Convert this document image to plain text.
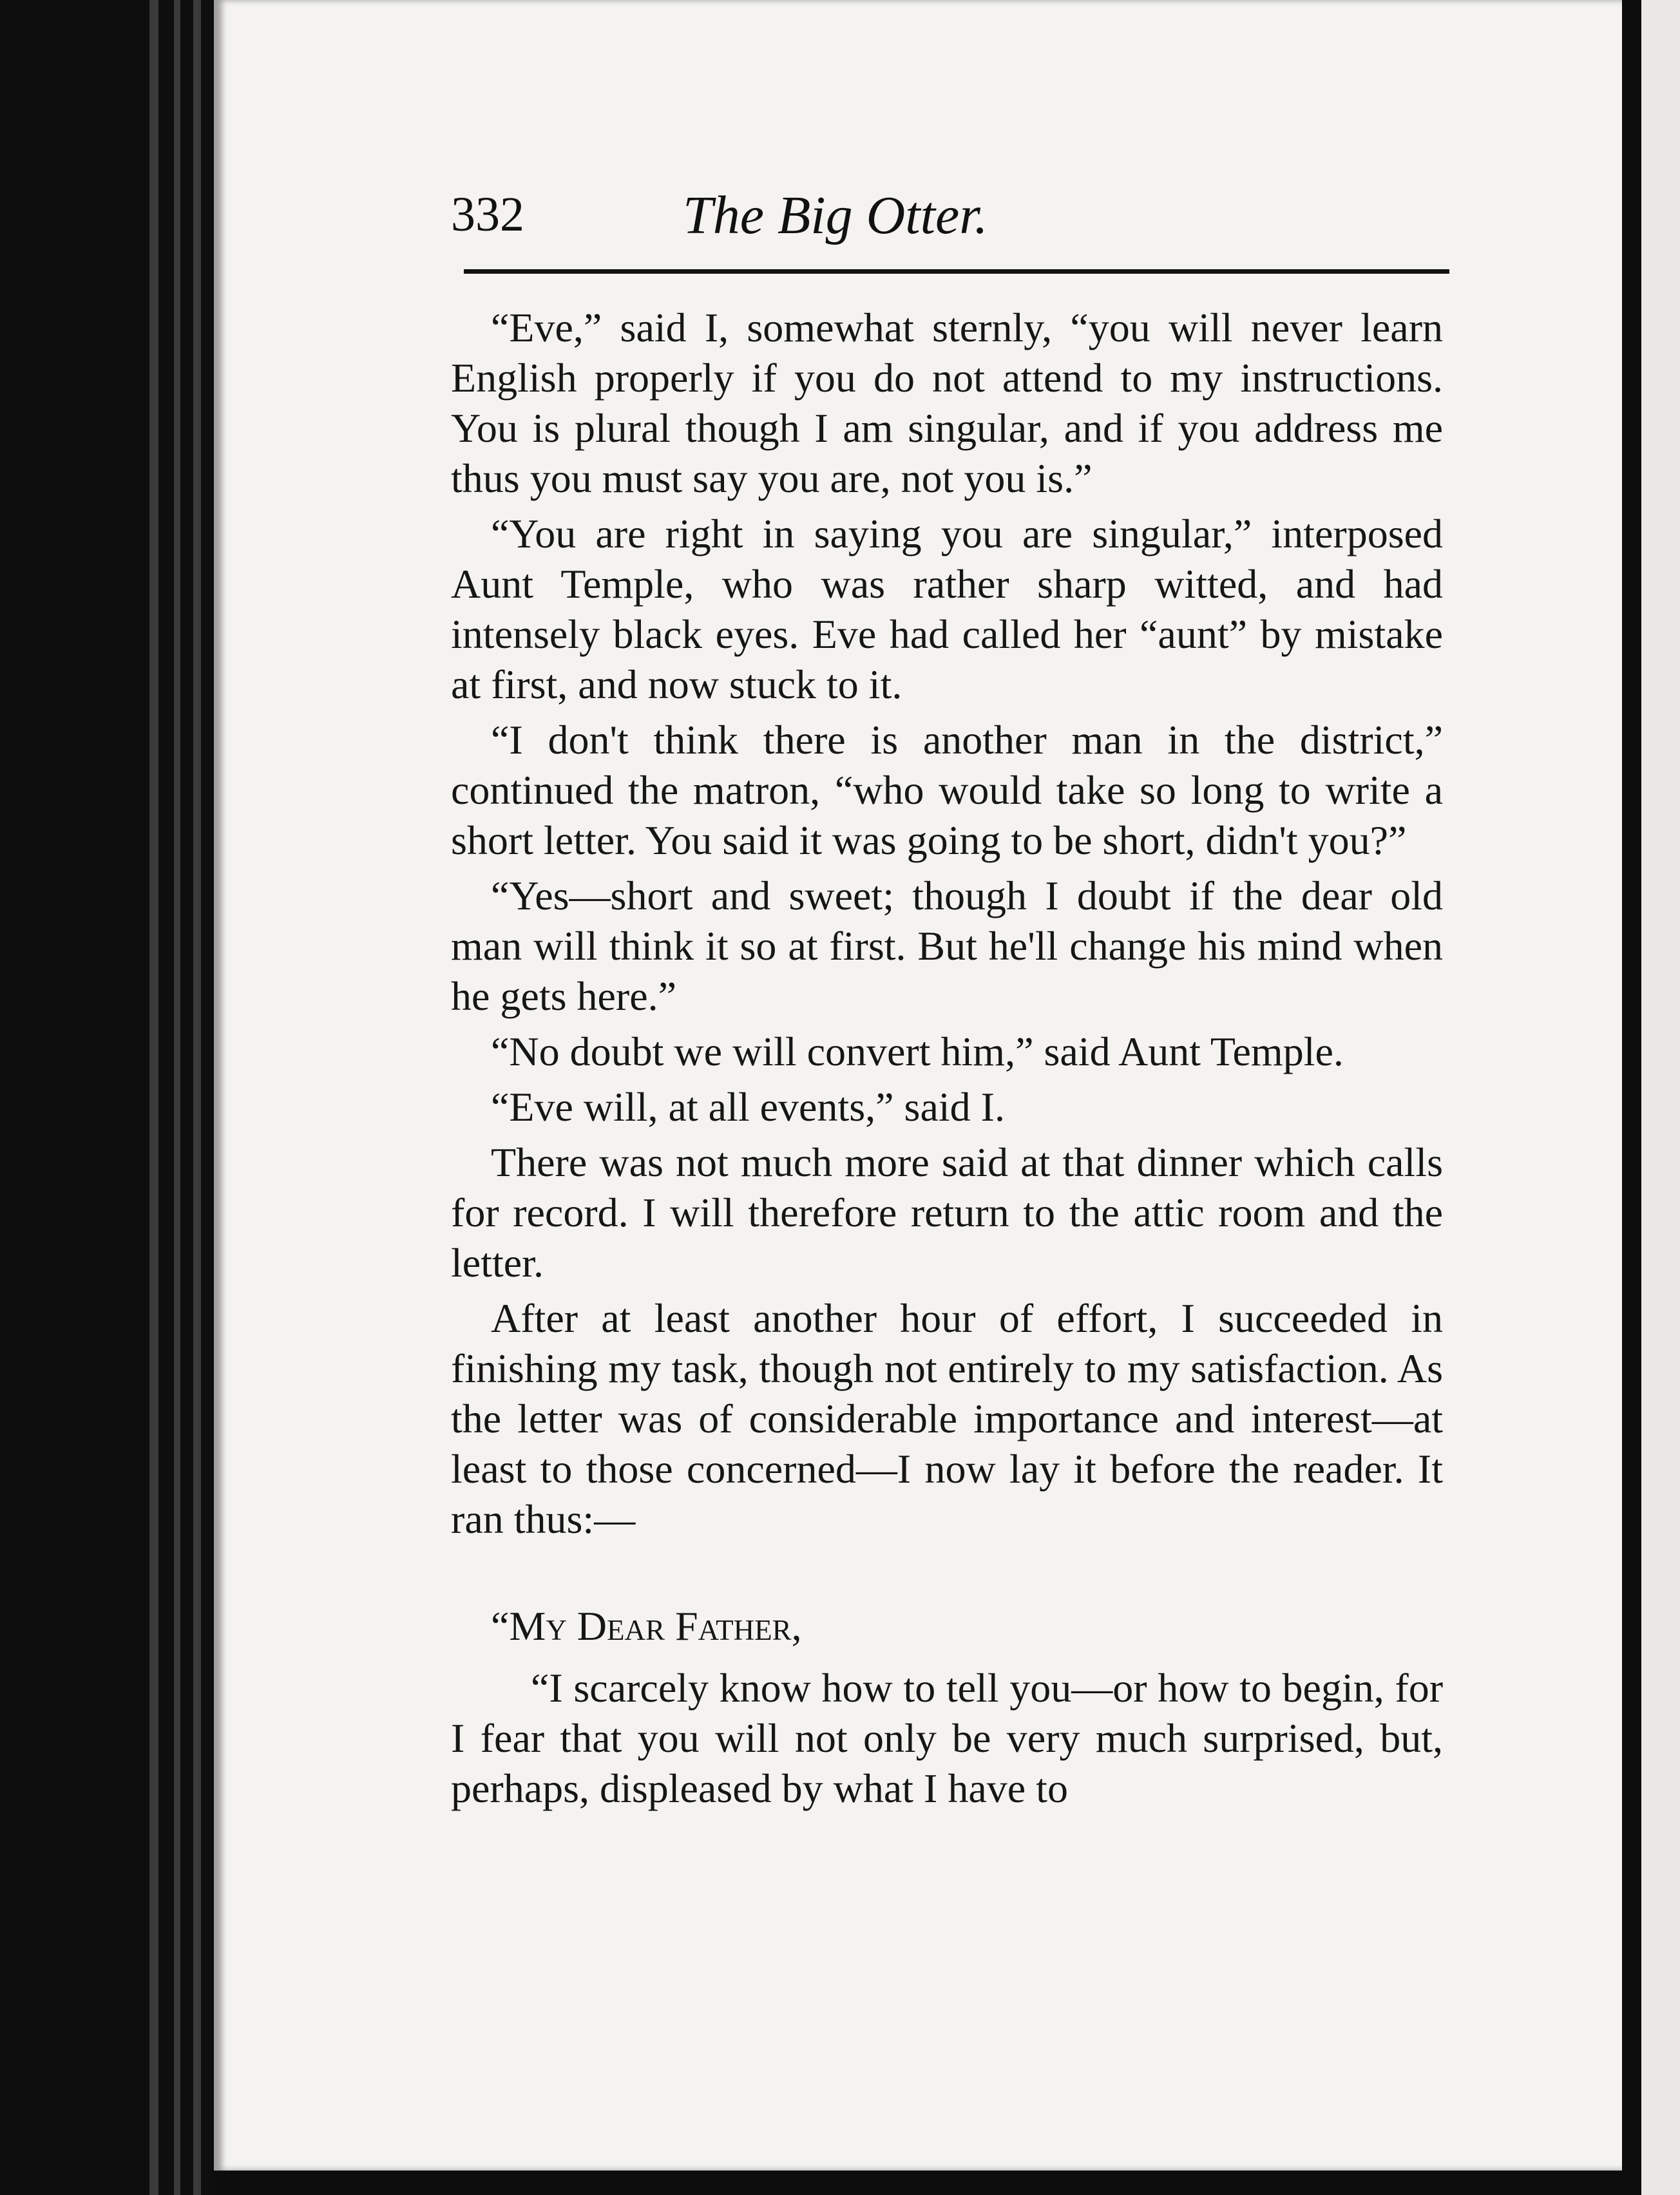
332	The Big Otter.

“Eve,” said I, somewhat sternly, “you will never learn English properly if you do not attend to my instructions. You is plural though I am singular, and if you address me thus you must say you are, not you is.”

“You are right in saying you are singular,” interposed Aunt Temple, who was rather sharp witted, and had intensely black eyes. Eve had called her “aunt” by mistake at first, and now stuck to it.

“I don't think there is another man in the district,” continued the matron, “who would take so long to write a short letter. You said it was going to be short, didn't you?”

“Yes—short and sweet; though I doubt if the dear old man will think it so at first. But he'll change his mind when he gets here.”

“No doubt we will convert him,” said Aunt Temple.

“Eve will, at all events,” said I.

There was not much more said at that dinner which calls for record. I will therefore return to the attic room and the letter.

After at least another hour of effort, I succeeded in finishing my task, though not entirely to my satisfaction. As the letter was of considerable importance and interest—at least to those concerned—I now lay it before the reader. It ran thus:—

“My Dear Father,

“I scarcely know how to tell you—or how to begin, for I fear that you will not only be very much surprised, but, perhaps, displeased by what I have to
